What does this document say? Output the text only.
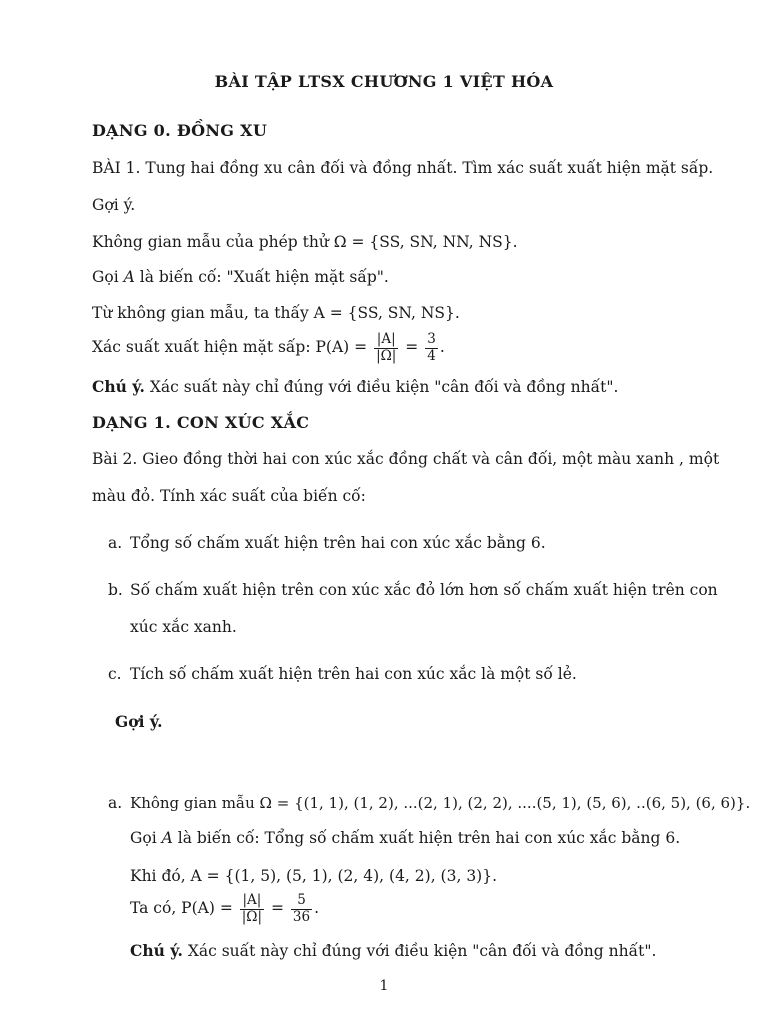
BÀI TẬP LTSX CHƯƠNG 1 VIỆT HÓA
DẠNG 0. ĐỒNG XU
BÀI 1. Tung hai đồng xu cân đối và đồng nhất. Tìm xác suất xuất hiện mặt sấp.
Gợi ý.
Không gian mẫu của phép thử Ω = {SS, SN, NN, NS}.
Gọi A là biến cố: "Xuất hiện mặt sấp".
Từ không gian mẫu, ta thấy A = {SS, SN, NS}.
Xác suất xuất hiện mặt sấp: $P(A) = \frac{|A|}{|\Omega|} = \frac{3}{4}$ .
Chú ý. Xác suất này chỉ đúng với điều kiện "cân đối và đồng nhất".
DẠNG 1. CON XÚC XẮC
Bài 2. Gieo đồng thời hai con xúc xắc đồng chất và cân đối, một màu xanh , một
màu đỏ. Tính xác suất của biến cố:
a. Tổng số chấm xuất hiện trên hai con xúc xắc bằng 6.
b. Số chấm xuất hiện trên con xúc xắc đỏ lớn hơn số chấm xuất hiện trên con
xúc xắc xanh.
c. Tích số chấm xuất hiện trên hai con xúc xắc là một số lẻ.
Gợi ý.
a. Không gian mẫu Ω = {(1, 1), (1, 2), ...(2, 1), (2, 2), ....(5, 1), (5, 6), ..(6, 5), (6, 6)}.
Gọi A là biến cố: Tổng số chấm xuất hiện trên hai con xúc xắc bằng 6.
Khi đó, A = {(1, 5), (5, 1), (2, 4), (4, 2), (3, 3)}.
Ta có, $P(A) = \frac{|A|}{|\Omega|} = \frac{5}{36}$ .
Chú ý. Xác suất này chỉ đúng với điều kiện "cân đối và đồng nhất".
1
